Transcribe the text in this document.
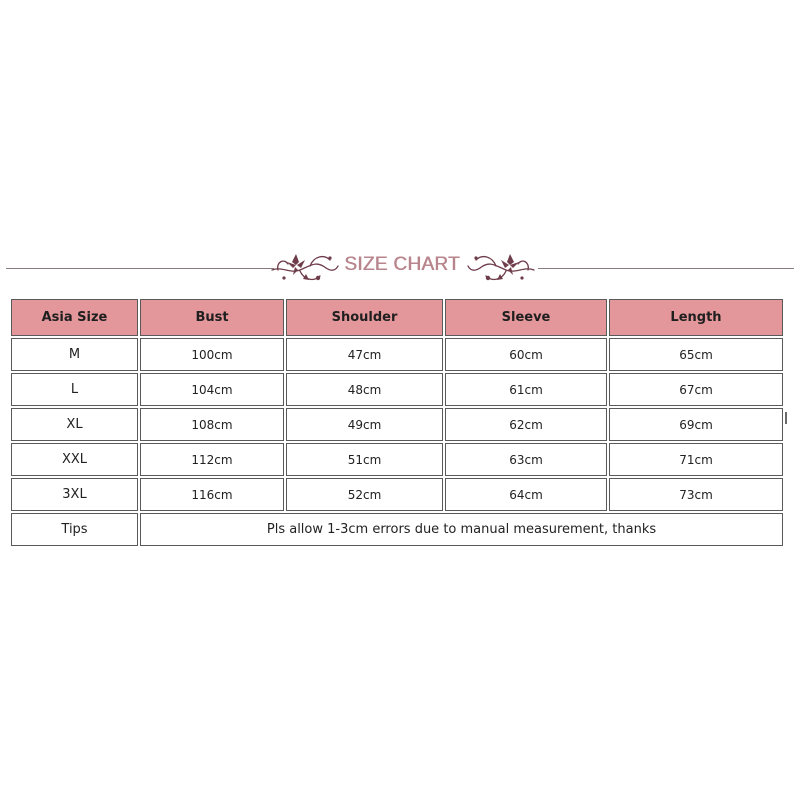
SIZE CHART
Asia Size	Bust	Shoulder	Sleeve	Length
M	100cm	47cm	60cm	65cm
L	104cm	48cm	61cm	67cm
XL	108cm	49cm	62cm	69cm
XXL	112cm	51cm	63cm	71cm
3XL	116cm	52cm	64cm	73cm
Tips	Pls allow 1-3cm errors due to manual measurement, thanks			
